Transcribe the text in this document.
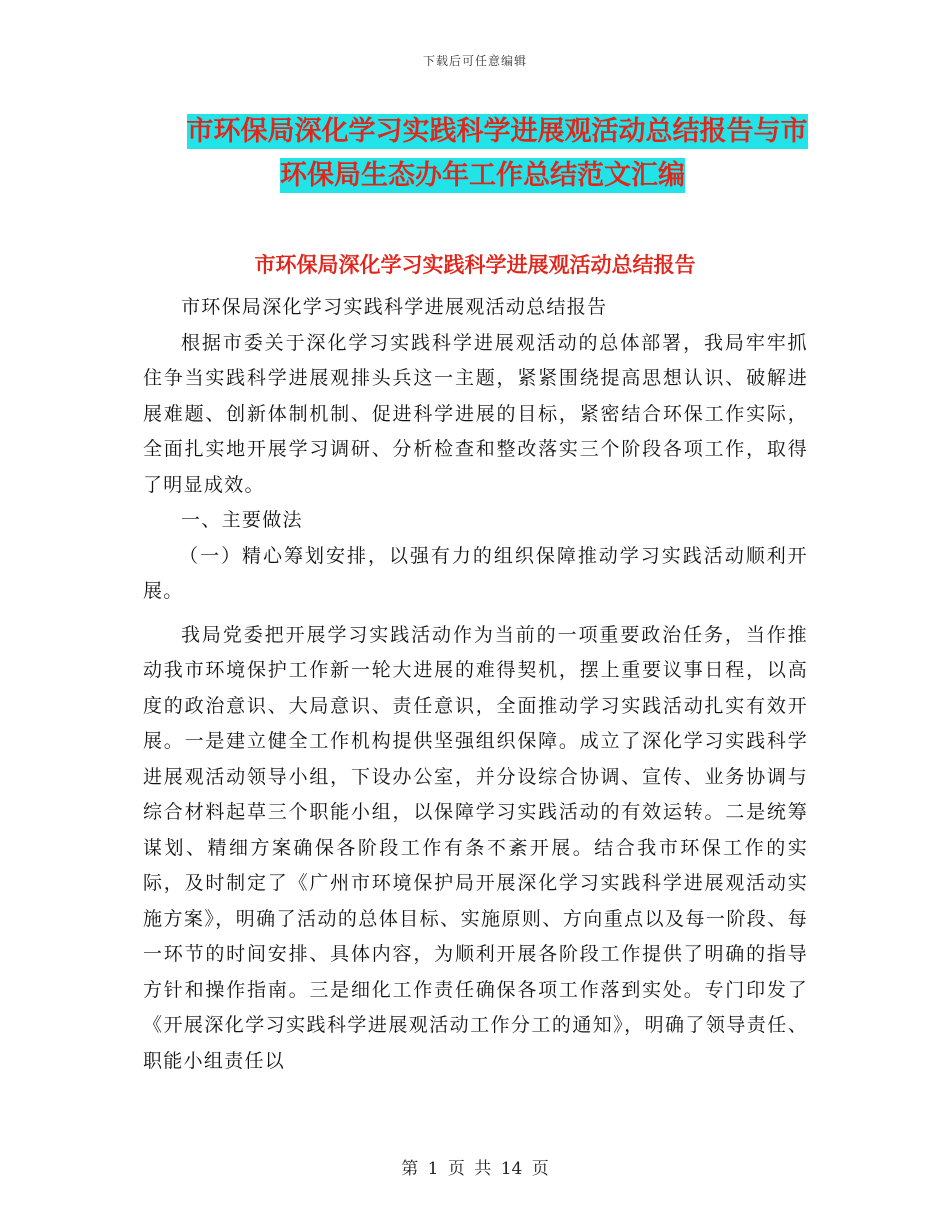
下载后可任意编辑
市环保局深化学习实践科学进展观活动总结报告与市
环保局生态办年工作总结范文汇编
市环保局深化学习实践科学进展观活动总结报告

市环保局深化学习实践科学进展观活动总结报告

根据市委关于深化学习实践科学进展观活动的总体部署，我局牢牢抓住争当实践科学进展观排头兵这一主题，紧紧围绕提高思想认识、破解进展难题、创新体制机制、促进科学进展的目标，紧密结合环保工作实际，全面扎实地开展学习调研、分析检查和整改落实三个阶段各项工作，取得了明显成效。

一、主要做法

（一）精心筹划安排，以强有力的组织保障推动学习实践活动顺利开展。

我局党委把开展学习实践活动作为当前的一项重要政治任务，当作推动我市环境保护工作新一轮大进展的难得契机，摆上重要议事日程，以高度的政治意识、大局意识、责任意识，全面推动学习实践活动扎实有效开展。一是建立健全工作机构提供坚强组织保障。成立了深化学习实践科学进展观活动领导小组，下设办公室，并分设综合协调、宣传、业务协调与综合材料起草三个职能小组，以保障学习实践活动的有效运转。二是统筹谋划、精细方案确保各阶段工作有条不紊开展。结合我市环保工作的实际，及时制定了《广州市环境保护局开展深化学习实践科学进展观活动实施方案》，明确了活动的总体目标、实施原则、方向重点以及每一阶段、每一环节的时间安排、具体内容，为顺利开展各阶段工作提供了明确的指导方针和操作指南。三是细化工作责任确保各项工作落到实处。专门印发了《开展深化学习实践科学进展观活动工作分工的通知》，明确了领导责任、职能小组责任以

第 1 页 共 14 页
